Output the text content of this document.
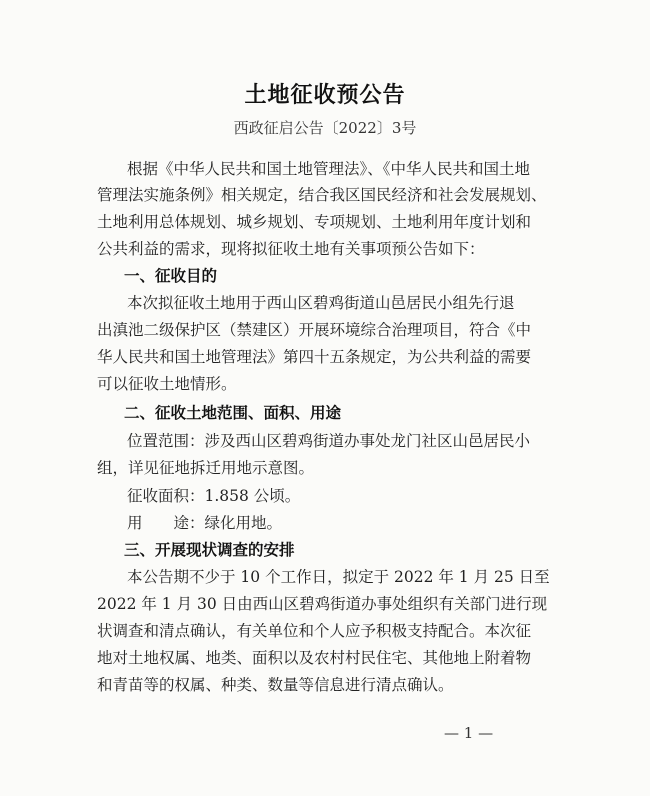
土地征收预公告
西政征启公告〔2022〕3号
根据《中华人民共和国土地管理法》、《中华人民共和国土地
管理法实施条例》相关规定，结合我区国民经济和社会发展规划、
土地利用总体规划、城乡规划、专项规划、土地利用年度计划和
公共利益的需求，现将拟征收土地有关事项预公告如下：
一、征收目的
本次拟征收土地用于西山区碧鸡街道山邑居民小组先行退
出滇池二级保护区（禁建区）开展环境综合治理项目，符合《中
华人民共和国土地管理法》第四十五条规定，为公共利益的需要
可以征收土地情形。
二、征收土地范围、面积、用途
位置范围：涉及西山区碧鸡街道办事处龙门社区山邑居民小
组，详见征地拆迁用地示意图。
征收面积：1.858 公顷。
用　　途：绿化用地。
三、开展现状调查的安排
本公告期不少于 10 个工作日，拟定于 2022 年 1 月 25 日至
2022 年 1 月 30 日由西山区碧鸡街道办事处组织有关部门进行现
状调查和清点确认，有关单位和个人应予积极支持配合。本次征
地对土地权属、地类、面积以及农村村民住宅、其他地上附着物
和青苗等的权属、种类、数量等信息进行清点确认。
— 1 —
